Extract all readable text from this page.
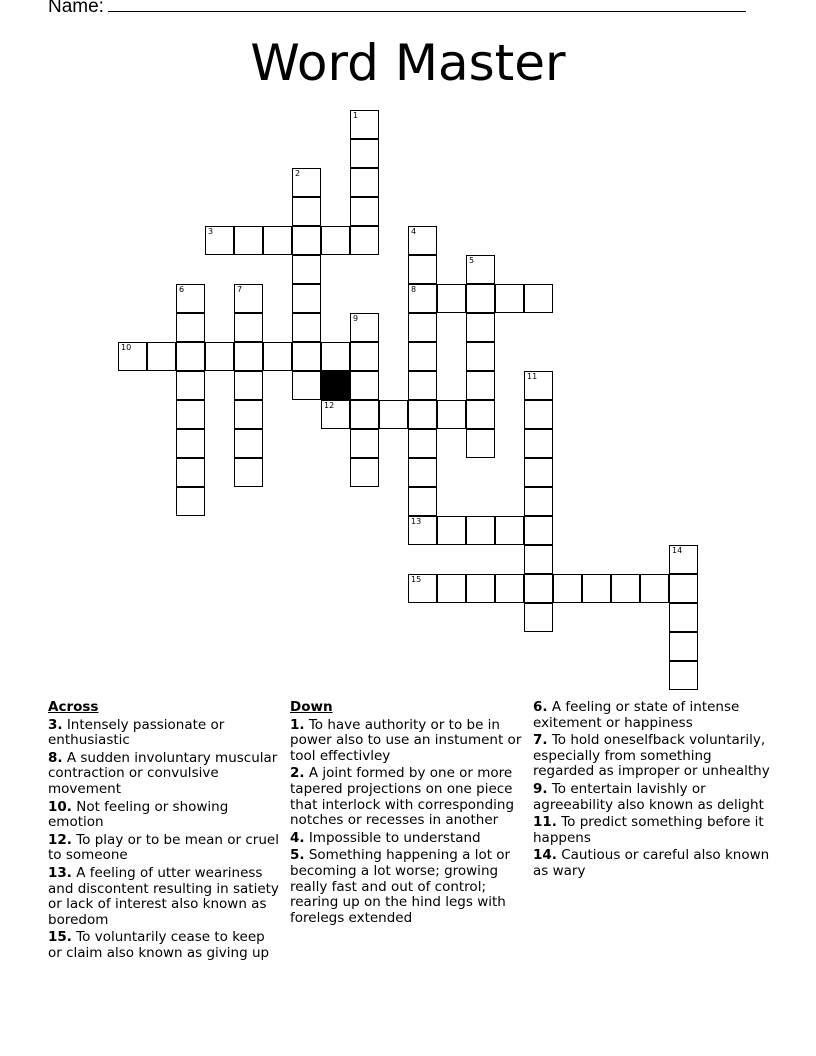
Name:
Word Master
3
8
10
12
13
15
1
2
4
5
6	7
9
11
14
Across
3. Intensely passionate or enthusiastic
8. A sudden involuntary muscular contraction or convulsive movement
10. Not feeling or showing emotion
12. To play or to be mean or cruel to someone
13. A feeling of utter weariness and discontent resulting in satiety or lack of interest also known as boredom
15. To voluntarily cease to keep or claim also known as giving up
Down
1. To have authority or to be in power also to use an instument or tool effectivley
2. A joint formed by one or more tapered projections on one piece that interlock with corresponding notches or recesses in another
4. Impossible to understand
5. Something happening a lot or becoming a lot worse; growing really fast and out of control; rearing up on the hind legs with forelegs extended
6. A feeling or state of intense exitement or happiness
7. To hold oneselfback voluntarily, especially from something regarded as improper or unhealthy
9. To entertain lavishly or agreeability also known as delight
11. To predict something before it happens
14. Cautious or careful also known as wary
